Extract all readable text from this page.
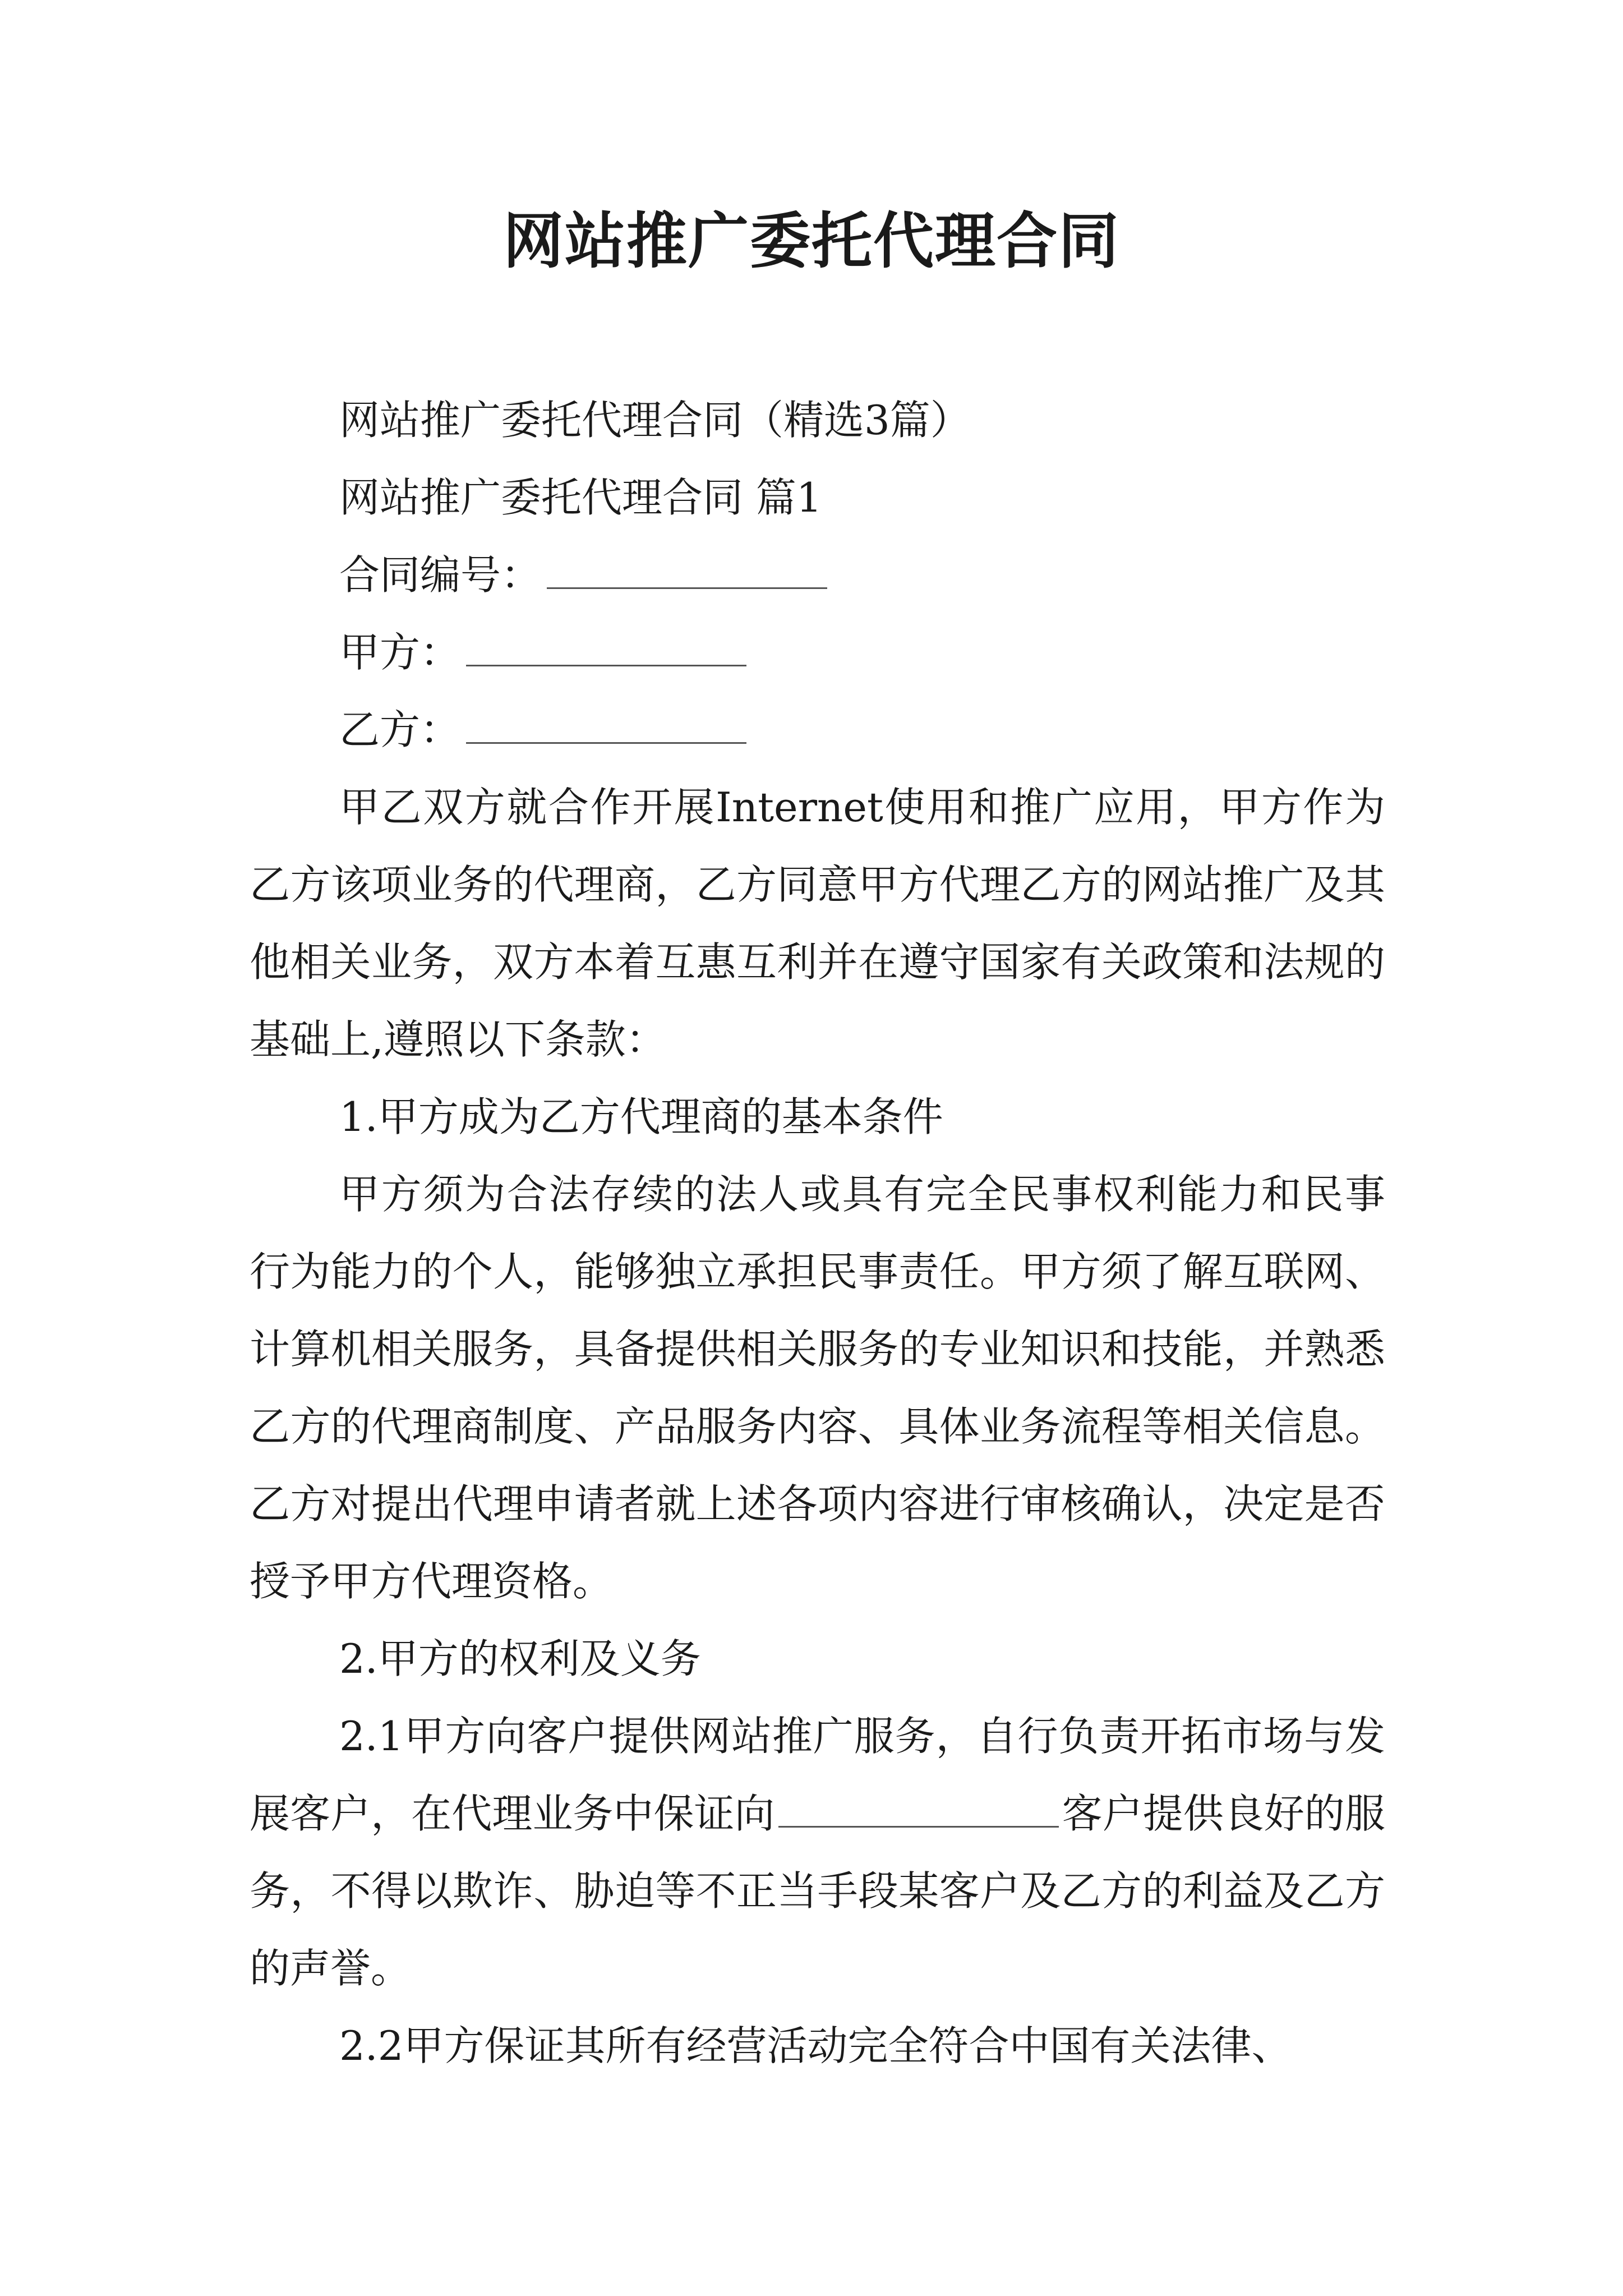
网站推广委托代理合同
网站推广委托代理合同（精选3篇）
网站推广委托代理合同 篇1
合同编号：
甲方：
乙方：
甲乙双方就合作开展Internet使用和推广应用，甲方作为乙方该项业务的代理商，乙方同意甲方代理乙方的网站推广及其他相关业务，双方本着互惠互利并在遵守国家有关政策和法规的基础上,遵照以下条款：
1.甲方成为乙方代理商的基本条件
甲方须为合法存续的法人或具有完全民事权利能力和民事行为能力的个人，能够独立承担民事责任。甲方须了解互联网、计算机相关服务，具备提供相关服务的专业知识和技能，并熟悉乙方的代理商制度、产品服务内容、具体业务流程等相关信息。乙方对提出代理申请者就上述各项内容进行审核确认，决定是否授予甲方代理资格。
2.甲方的权利及义务
2.1甲方向客户提供网站推广服务，自行负责开拓市场与发展客户，在代理业务中保证向	客户提供良好的服务，不得以欺诈、胁迫等不正当手段某客户及乙方的利益及乙方的声誉。
2.2甲方保证其所有经营活动完全符合中国有关法律、
